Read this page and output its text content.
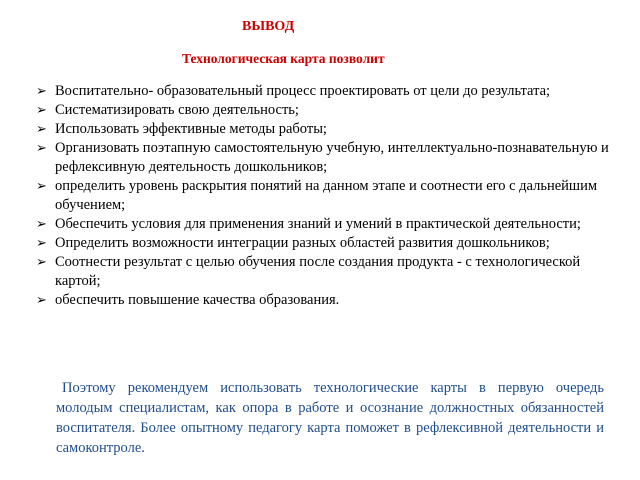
ВЫВОД
Технологическая карта позволит
➢ Воспитательно- образовательный процесс проектировать от цели до результата;
➢ Систематизировать свою деятельность;
➢ Использовать эффективные методы работы;
➢ Организовать поэтапную самостоятельную учебную, интеллектуально-познавательную и рефлексивную деятельность дошкольников;
➢ определить уровень раскрытия понятий на данном этапе и соотнести его с дальнейшим обучением;
➢ Обеспечить условия для применения знаний и умений в практической деятельности;
➢ Определить возможности интеграции разных областей развития дошкольников;
➢ Соотнести результат с целью обучения после создания продукта - с технологической картой;
➢ обеспечить повышение качества образования.

Поэтому рекомендуем использовать технологические карты в первую очередь молодым специалистам, как опора в работе и осознание должностных обязанностей воспитателя. Более опытному педагогу карта поможет в рефлексивной деятельности и самоконтроле.
